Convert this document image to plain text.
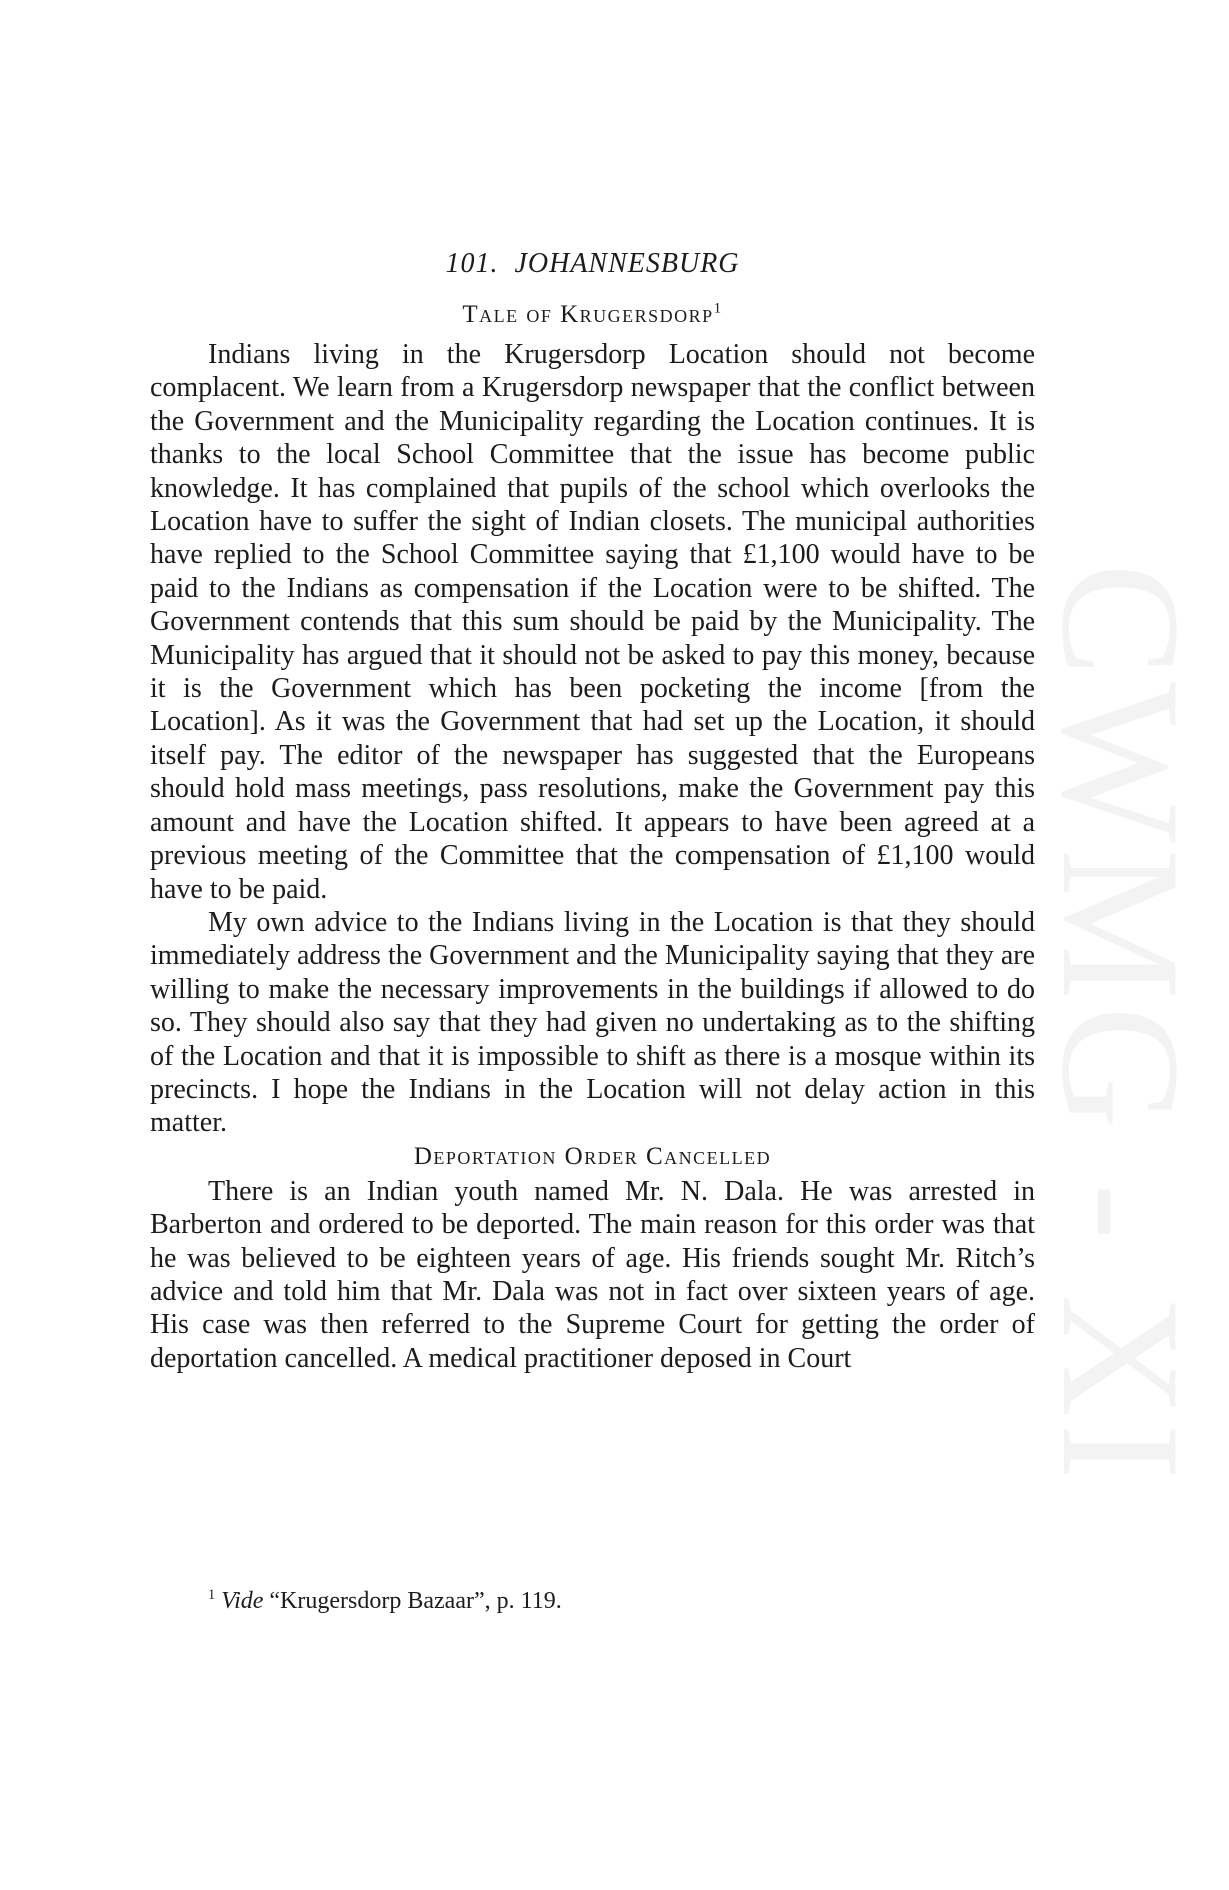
CWMG - XI
101. JOHANNESBURG
Tale of Krugersdorp$^1$

Indians living in the Krugersdorp Location should not become complacent. We learn from a Krugersdorp newspaper that the conflict between the Government and the Municipality regarding the Location continues. It is thanks to the local School Committee that the issue has become public knowledge. It has complained that pupils of the school which overlooks the Location have to suffer the sight of Indian closets. The municipal authorities have replied to the School Committee saying that £1,100 would have to be paid to the Indians as compensation if the Location were to be shifted. The Government contends that this sum should be paid by the Municipality. The Municipality has argued that it should not be asked to pay this money, because it is the Government which has been pocketing the income [from the Location]. As it was the Government that had set up the Location, it should itself pay. The editor of the newspaper has suggested that the Europeans should hold mass meetings, pass resolutions, make the Government pay this amount and have the Location shifted. It appears to have been agreed at a previous meeting of the Committee that the compensation of £1,100 would have to be paid.

My own advice to the Indians living in the Location is that they should immediately address the Government and the Municipality saying that they are willing to make the necessary improvements in the buildings if allowed to do so. They should also say that they had given no undertaking as to the shifting of the Location and that it is impossible to shift as there is a mosque within its precincts. I hope the Indians in the Location will not delay action in this matter.

Deportation Order Cancelled

There is an Indian youth named Mr. N. Dala. He was arrested in Barberton and ordered to be deported. The main reason for this order was that he was believed to be eighteen years of age. His friends sought Mr. Ritch’s advice and told him that Mr. Dala was not in fact over sixteen years of age. His case was then referred to the Supreme Court for getting the order of deportation cancelled. A medical practitioner deposed in Court

$^1$ Vide “Krugersdorp Bazaar”, p. 119.
